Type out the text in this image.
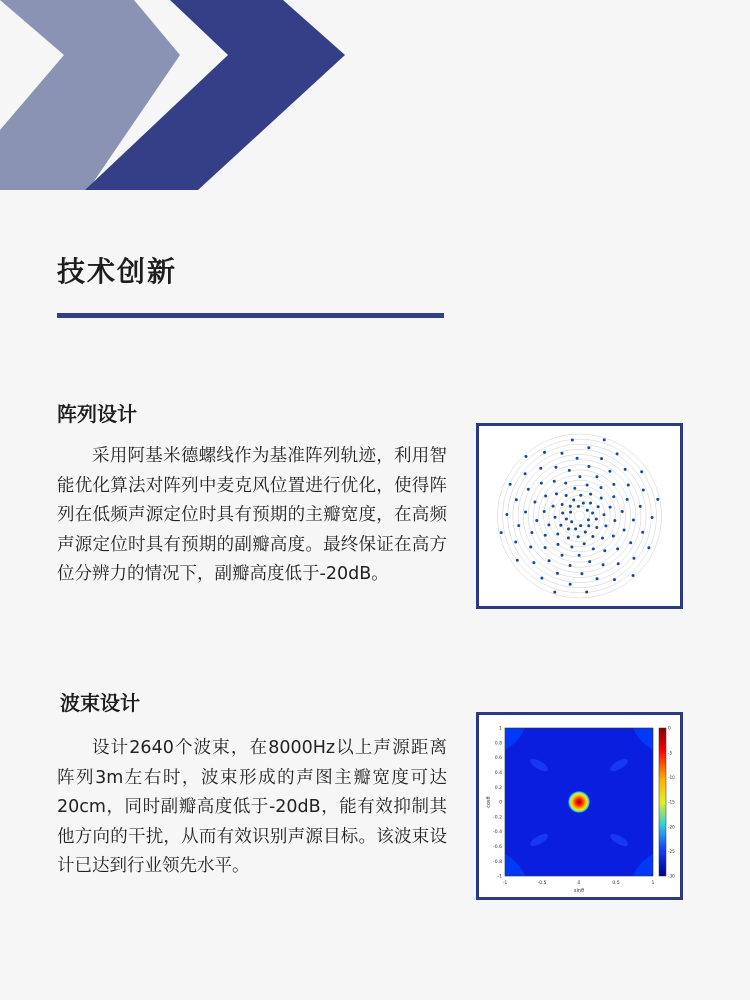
技术创新
阵列设计

采用阿基米德螺线作为基准阵列轨迹，利用智能优化算法对阵列中麦克风位置进行优化，使得阵列在低频声源定位时具有预期的主瓣宽度，在高频声源定位时具有预期的副瓣高度。最终保证在高方位分辨力的情况下，副瓣高度低于-20dB。

波束设计

设计2640个波束，在8000Hz以上声源距离阵列3m左右时，波束形成的声图主瓣宽度可达20cm，同时副瓣高度低于-20dB，能有效抑制其他方向的干扰，从而有效识别声源目标。该波束设计已达到行业领先水平。

1
0.8
0.6
0.4
0.2
0
-0.2
-0.4
-0.6
-0.8
-1
-1	-0.5	0	0.5	1
cosθ
sinθ
0
-5
-10
-15
-20
-25
-30
